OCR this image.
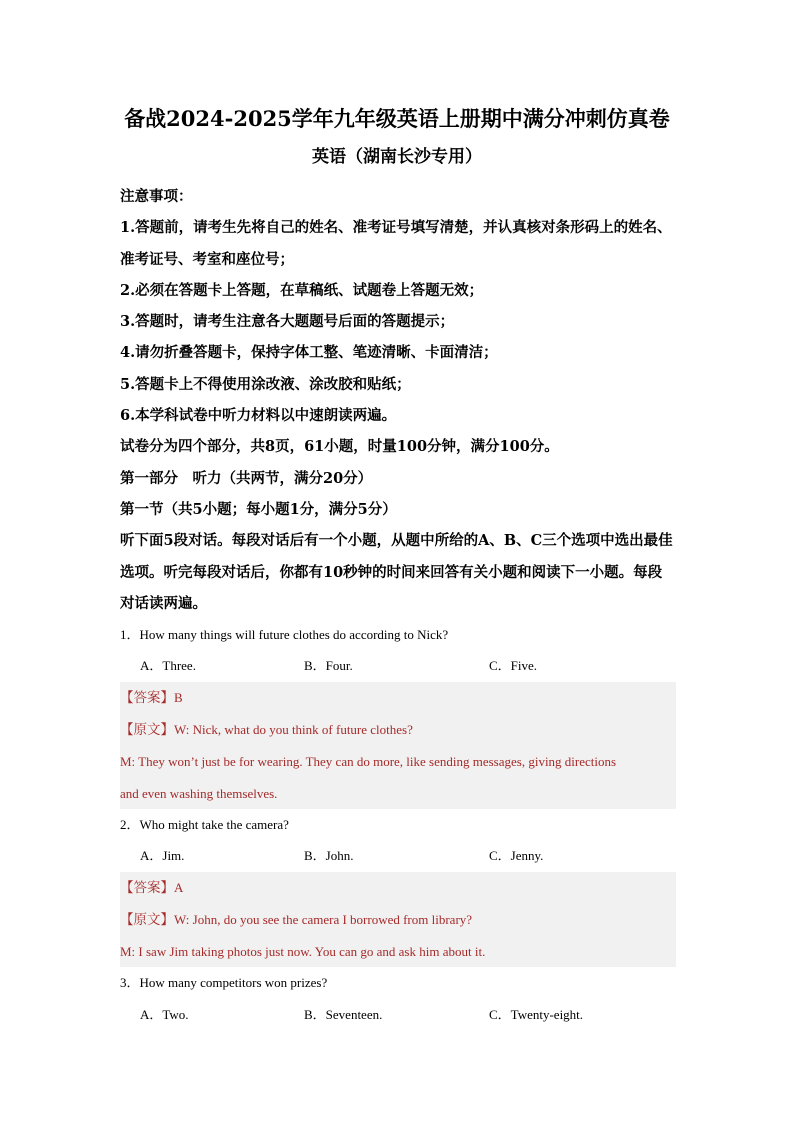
备战2024-2025学年九年级英语上册期中满分冲刺仿真卷
英语（湖南长沙专用）
注意事项：
1.答题前，请考生先将自己的姓名、准考证号填写清楚，并认真核对条形码上的姓名、准考证号、考室和座位号；
2.必须在答题卡上答题，在草稿纸、试题卷上答题无效；
3.答题时，请考生注意各大题题号后面的答题提示；
4.请勿折叠答题卡，保持字体工整、笔迹清晰、卡面清洁；
5.答题卡上不得使用涂改液、涂改胶和贴纸；
6.本学科试卷中听力材料以中速朗读两遍。
试卷分为四个部分，共8页，61小题，时量100分钟，满分100分。
第一部分　听力（共两节，满分20分）
第一节（共5小题；每小题1分，满分5分）
听下面5段对话。每段对话后有一个小题，从题中所给的A、B、C三个选项中选出最佳选项。听完每段对话后，你都有10秒钟的时间来回答有关小题和阅读下一小题。每段对话读两遍。
1．How many things will future clothes do according to Nick?
A．Three.	B．Four.	C．Five.
【答案】B
【原文】W: Nick, what do you think of future clothes?
M: They won’t just be for wearing. They can do more, like sending messages, giving directions
and even washing themselves.
2．Who might take the camera?
A．Jim.	B．John.	C．Jenny.
【答案】A
【原文】W: John, do you see the camera I borrowed from library?
M: I saw Jim taking photos just now. You can go and ask him about it.
3．How many competitors won prizes?
A．Two.	B．Seventeen.	C．Twenty-eight.
